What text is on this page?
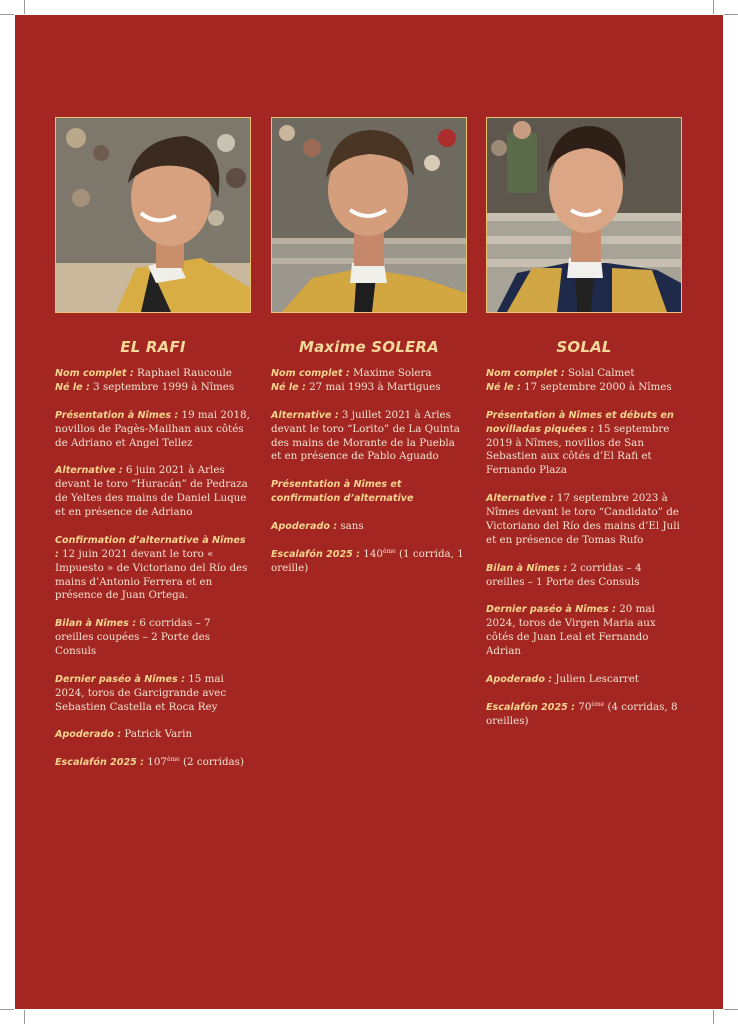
EL RAFI
Nom complet : Raphael Raucoule
Né le : 3 septembre 1999 à Nîmes
Présentation à Nîmes : 19 mai 2018, novillos de Pagès-Mailhan aux côtés de Adriano et Angel Tellez
Alternative : 6 juin 2021 à Arles devant le toro “Huracán” de Pedraza de Yeltes des mains de Daniel Luque et en présence de Adriano
Confirmation d’alternative à Nîmes : 12 juin 2021 devant le toro « Impuesto » de Victoriano del Río des mains d’Antonio Ferrera et en présence de Juan Ortega.
Bilan à Nîmes : 6 corridas – 7 oreilles coupées – 2 Porte des Consuls
Dernier paséo à Nîmes : 15 mai 2024, toros de Garcigrande avec Sebastien Castella et Roca Rey
Apoderado : Patrick Varin
Escalafón 2025 : 107ème (2 corridas)
Maxime SOLERA
Nom complet : Maxime Solera
Né le : 27 mai 1993 à Martigues
Alternative : 3 juillet 2021 à Arles devant le toro “Lorito” de La Quinta des mains de Morante de la Puebla et en présence de Pablo Aguado
Présentation à Nîmes et confirmation d’alternative
Apoderado : sans
Escalafón 2025 : 140ème (1 corrida, 1 oreille)
SOLAL
Nom complet : Solal Calmet
Né le : 17 septembre 2000 à Nîmes
Présentation à Nîmes et débuts en novilladas piquées : 15 septembre 2019 à Nîmes, novillos de San Sebastien aux côtés d’El Rafi et Fernando Plaza
Alternative : 17 septembre 2023 à Nîmes devant le toro “Candidato” de Victoriano del Río des mains d’El Juli et en présence de Tomas Rufo
Bilan à Nîmes : 2 corridas – 4 oreilles – 1 Porte des Consuls
Dernier paséo à Nîmes : 20 mai 2024, toros de Virgen Maria aux côtés de Juan Leal et Fernando Adrian
Apoderado : Julien Lescarret
Escalafón 2025 : 70ème (4 corridas, 8 oreilles)
